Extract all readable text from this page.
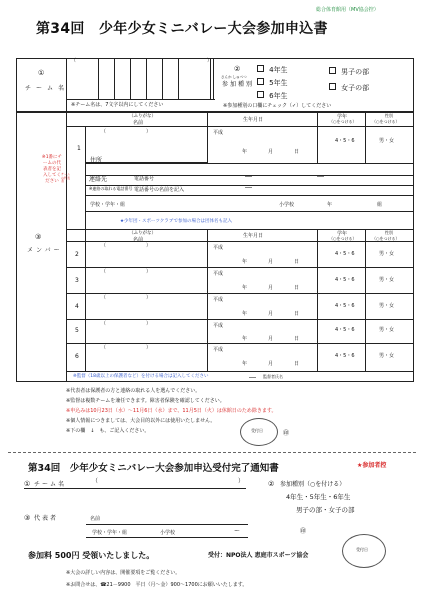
総合体育館用（MV協会控）
第34回　少年少女ミニバレー大会参加申込書
①
チーム名
（	）
※チーム名は、7文字以内にしてください
②
さんか しゅべつ
参加種別
4年生
5年生
6年生
男子の部
女子の部
※参加種別の口欄にチェック（✓）してください
※1番にチームの代表者を記入してください
チームの代表者
③
メンバー
（ふりがな）
名前	生年月日	学年
（○をつける）
性別
（○をつける）
1
（　　　　　　　　）	平成
年	月	日
4・5・6	男・女
住所
連絡先	電話番号	―	―
※連絡の取れる電話番号 電話番号の名前を記入	―
学校・学年・組	小学校	年	組
★少年団・スポーツクラブで参加の場合は団体名も記入
（ふりがな）
名前
生年月日	学年
（○をつける）
性別
（○をつける）
2
（　　　　　　　　）	平成
年	月	日
4・5・6	男・女
3
（　　　　　　　　）	平成
年	月	日
4・5・6	男・女
4
（　　　　　　　　）	平成
年	月	日
4・5・6	男・女
5
（　　　　　　　　）	平成
年	月	日
4・5・6	男・女
6
（　　　　　　　　）	平成
年	月	日
4・5・6	男・女
※監督（18歳以上の保護者など）を付ける場合は記入してください	― 監督者氏名
※代表者は保護者の方と連絡の取れる人を選んでください。
※監督は複数チームを兼任できます。障害者保険を確認してください。
※申込みは10月23日（水）〜11月6日（水）まで、11月5日（火）は休館日のため除きます。
※個人情報につきましては、大会目的以外には使用いたしません。
※下の欄　↓　も、ご記入ください。	受付日	㊞
第34回　少年少女ミニバレー大会参加申込受付完了通知書	★参加者控
① チーム名	（	）	② 参加種別（○を付ける）
4年生・5年生・6年生
男子の部・女子の部
③ 代表者	名前
学校・学年・組	小学校	ー	㊞
参加料 500円 受領いたしました。	受付：NPO法人 恵庭市スポーツ協会
受付日
※大会の詳しい内容は、開催要項をご覧ください。
※お問合せは、☎21－9900　平日（月〜金）900〜1700にお願いいたします。
